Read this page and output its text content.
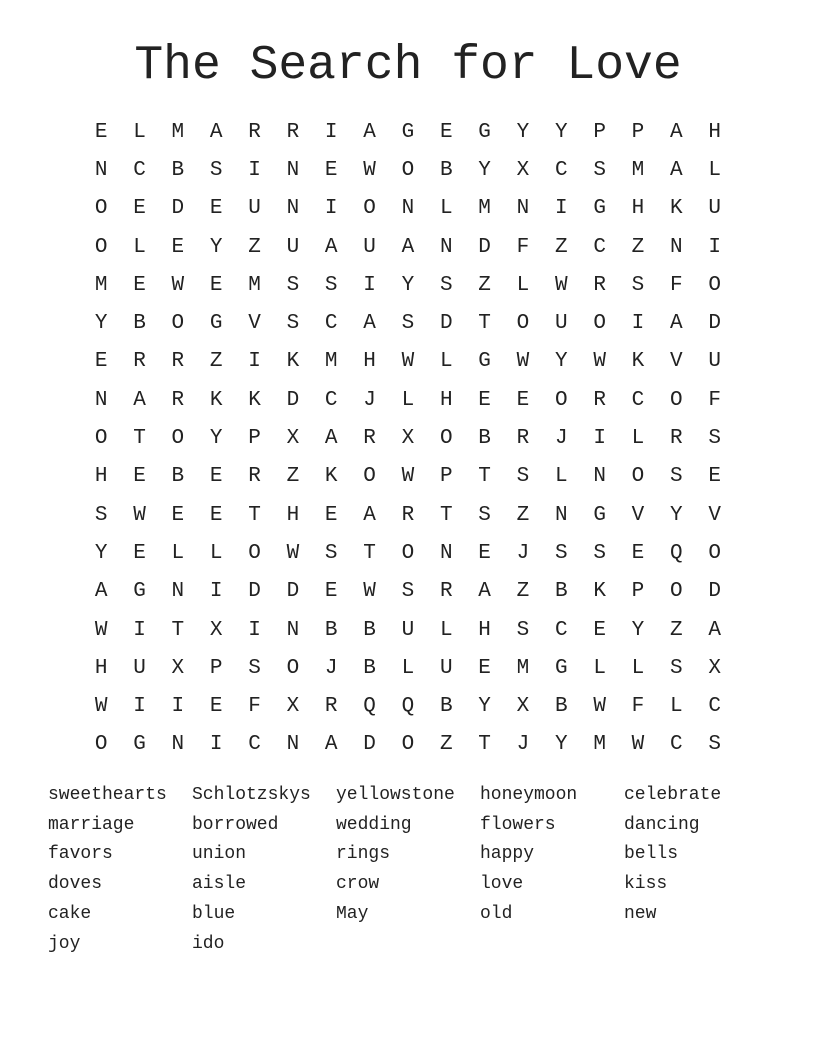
The Search for Love
E	L	M	A	R	R	I	A	G	E	G	Y	Y	P	P	A	H
N	C	B	S	I	N	E	W	O	B	Y	X	C	S	M	A	L
O	E	D	E	U	N	I	O	N	L	M	N	I	G	H	K	U
O	L	E	Y	Z	U	A	U	A	N	D	F	Z	C	Z	N	I
M	E	W	E	M	S	S	I	Y	S	Z	L	W	R	S	F	O
Y	B	O	G	V	S	C	A	S	D	T	O	U	O	I	A	D
E	R	R	Z	I	K	M	H	W	L	G	W	Y	W	K	V	U
N	A	R	K	K	D	C	J	L	H	E	E	O	R	C	O	F
O	T	O	Y	P	X	A	R	X	O	B	R	J	I	L	R	S
H	E	B	E	R	Z	K	O	W	P	T	S	L	N	O	S	E
S	W	E	E	T	H	E	A	R	T	S	Z	N	G	V	Y	V
Y	E	L	L	O	W	S	T	O	N	E	J	S	S	E	Q	O
A	G	N	I	D	D	E	W	S	R	A	Z	B	K	P	O	D
W	I	T	X	I	N	B	B	U	L	H	S	C	E	Y	Z	A
H	U	X	P	S	O	J	B	L	U	E	M	G	L	L	S	X
W	I	I	E	F	X	R	Q	Q	B	Y	X	B	W	F	L	C
O	G	N	I	C	N	A	D	O	Z	T	J	Y	M	W	C	S
sweethearts	Schlotzskys	yellowstone	honeymoon	celebrate
marriage	borrowed	wedding	flowers	dancing
favors	union	rings	happy	bells
doves	aisle	crow	love	kiss
cake	blue	May	old	new
joy	ido
